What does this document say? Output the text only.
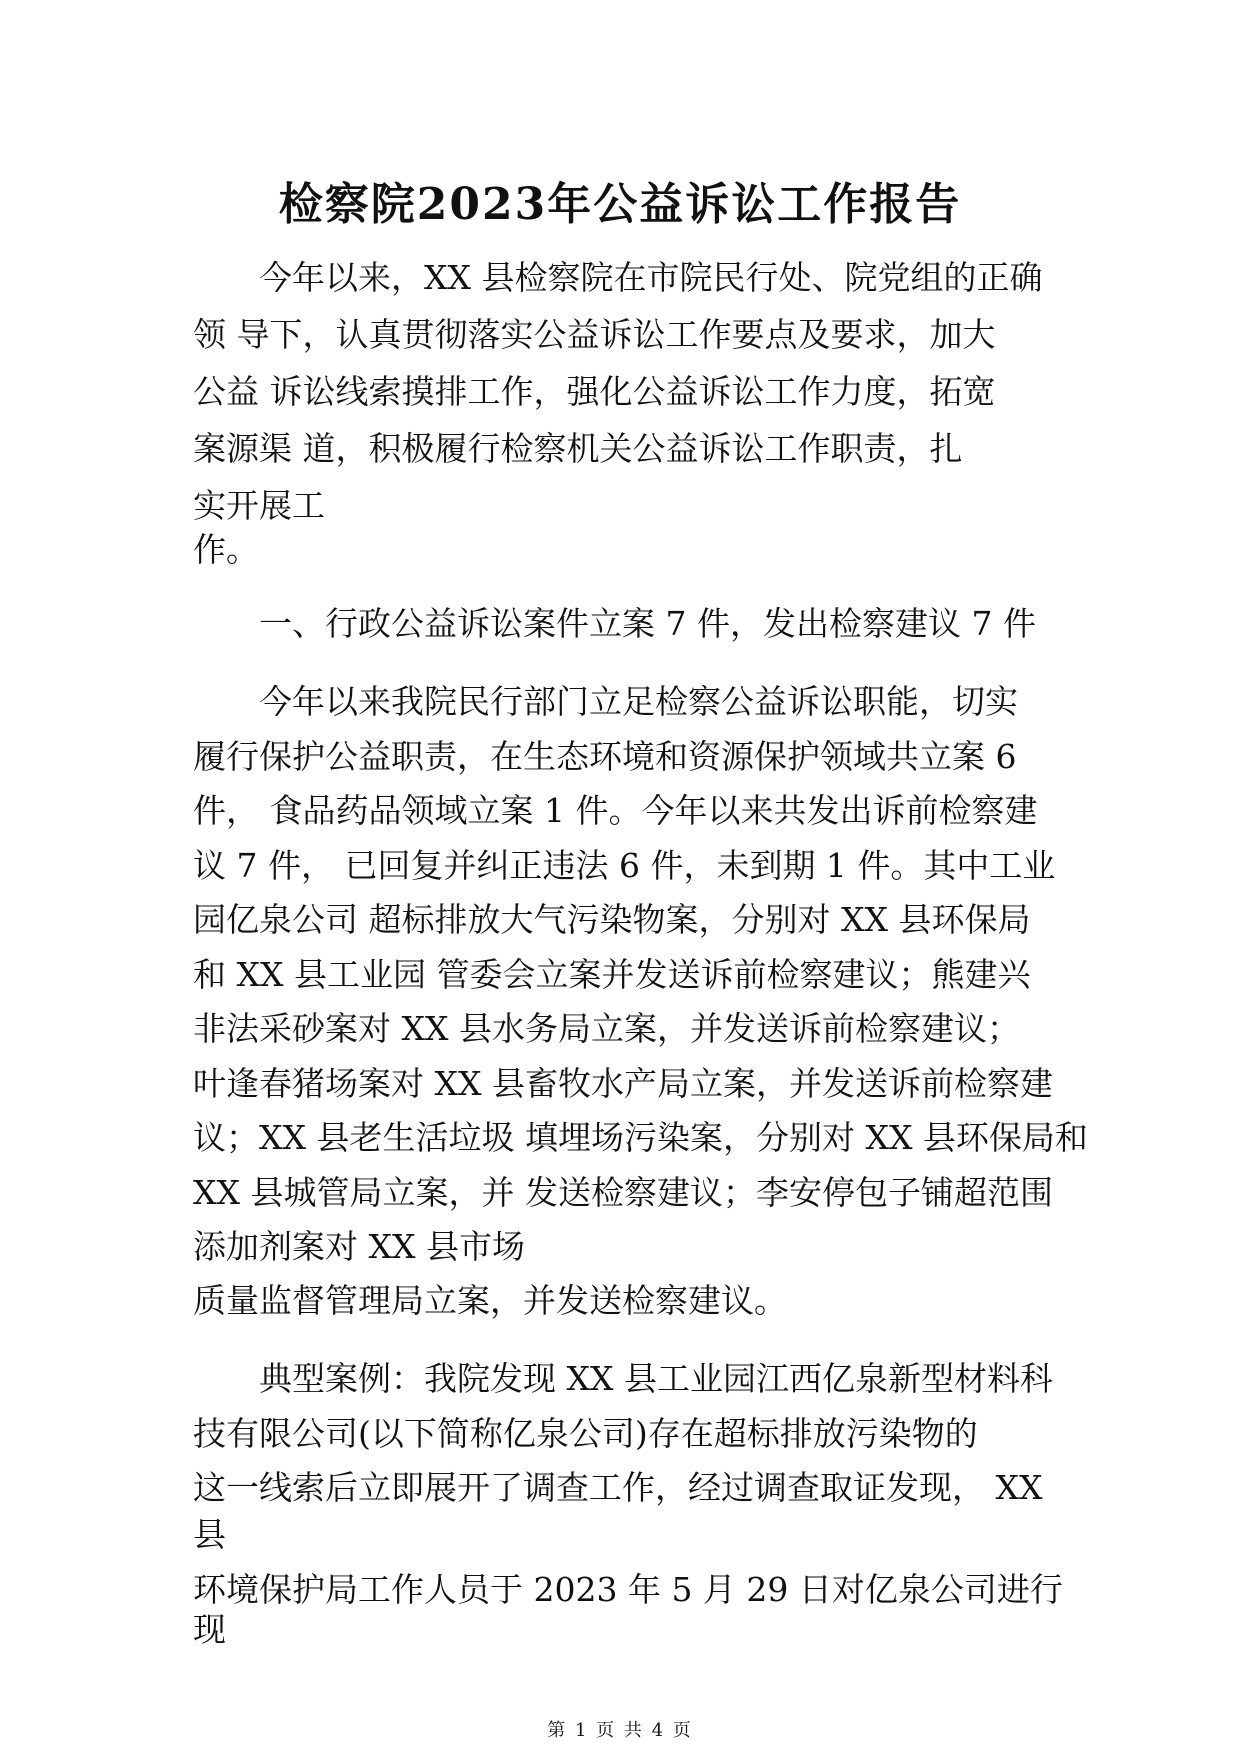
检察院2023年公益诉讼工作报告

　　今年以来，XX 县检察院在市院民行处、院党组的正确

领 导下，认真贯彻落实公益诉讼工作要点及要求，加大

公益 诉讼线索摸排工作，强化公益诉讼工作力度，拓宽

案源渠 道，积极履行检察机关公益诉讼工作职责，扎

实开展工

作。

　　一、行政公益诉讼案件立案 7 件，发出检察建议 7 件

　　今年以来我院民行部门立足检察公益诉讼职能，切实

履行保护公益职责，在生态环境和资源保护领域共立案 6

件， 食品药品领域立案 1 件。今年以来共发出诉前检察建

议 7 件， 已回复并纠正违法 6 件，未到期 1 件。其中工业

园亿泉公司 超标排放大气污染物案，分别对 XX 县环保局

和 XX 县工业园 管委会立案并发送诉前检察建议；熊建兴

非法采砂案对 XX 县水务局立案，并发送诉前检察建议；

叶逢春猪场案对 XX 县畜牧水产局立案，并发送诉前检察建

议；XX 县老生活垃圾 填埋场污染案，分别对 XX 县环保局和

XX 县城管局立案，并 发送检察建议；李安停包子铺超范围

添加剂案对 XX 县市场

质量监督管理局立案，并发送检察建议。

　　典型案例：我院发现 XX 县工业园江西亿泉新型材料科

技有限公司(以下简称亿泉公司)存在超标排放污染物的

这一线索后立即展开了调查工作，经过调查取证发现， XX

县

环境保护局工作人员于 2023 年 5 月 29 日对亿泉公司进行

现

第 1 页 共 4 页
